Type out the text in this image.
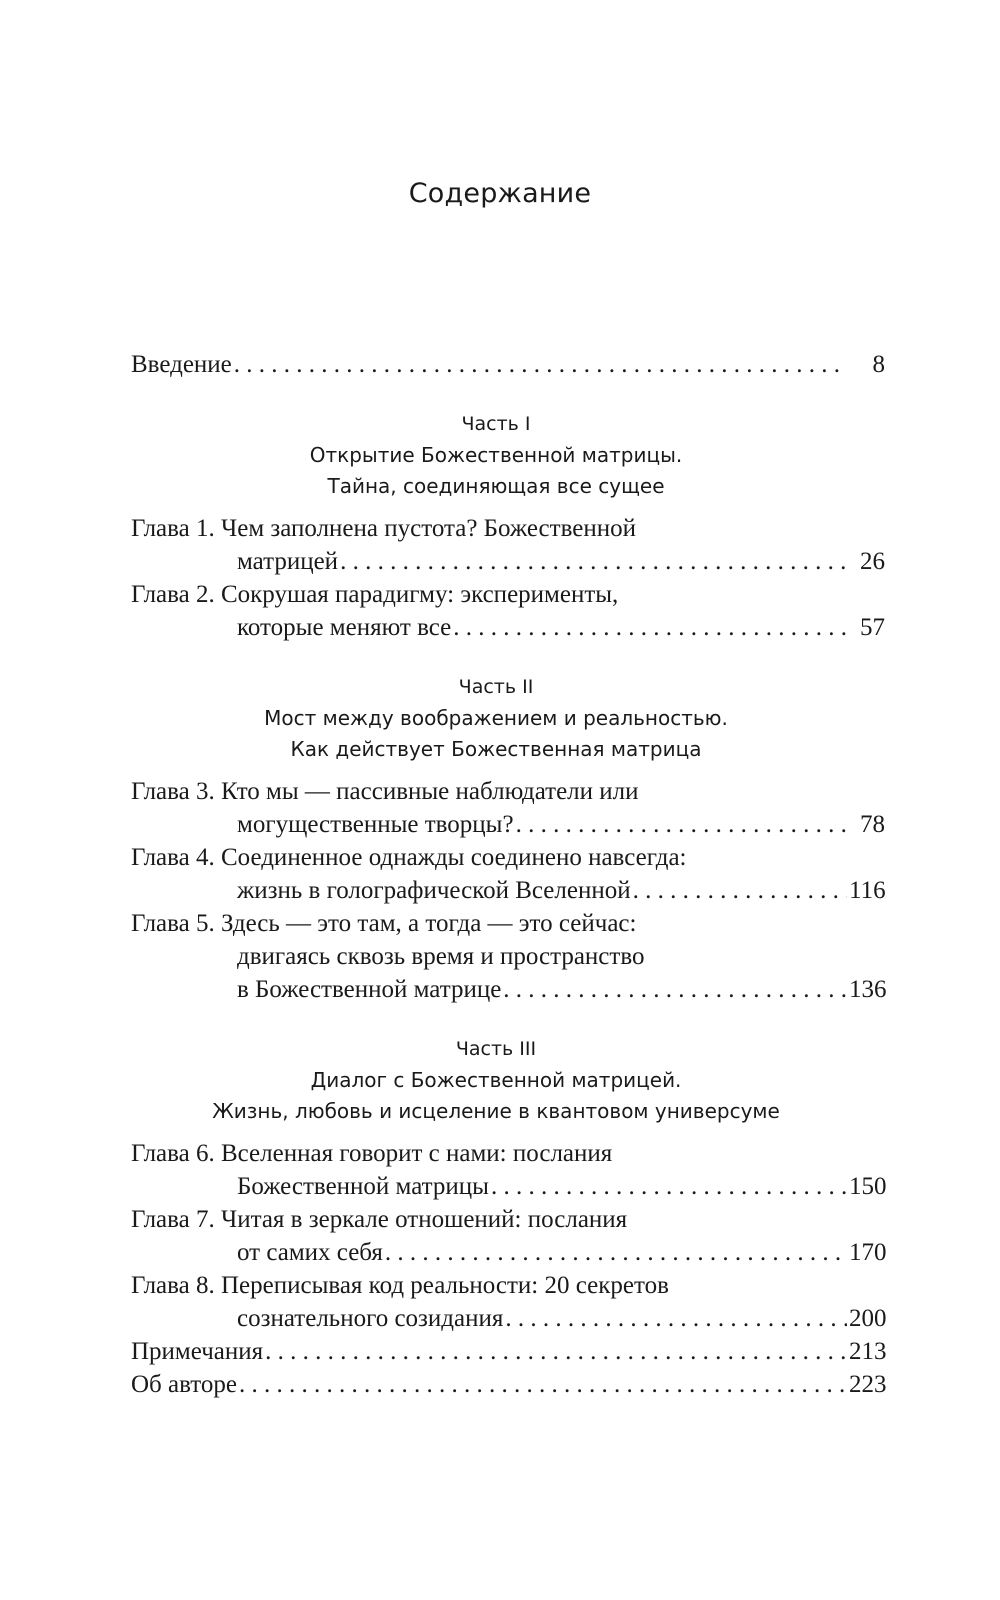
Содержание
Введение . . .	8
Часть I
Открытие Божественной матрицы.
Тайна, соединяющая все сущее
Глава 1. Чем заполнена пустота? Божественной
матрицей . . .	26
Глава 2. Сокрушая парадигму: эксперименты,
которые меняют все . . .	57
Часть II
Мост между воображением и реальностью.
Как действует Божественная матрица
Глава 3. Кто мы — пассивные наблюдатели или
могущественные творцы? . . .	78
Глава 4. Соединенное однажды соединено навсегда:
жизнь в голографической Вселенной . . .	116
Глава 5. Здесь — это там, а тогда — это сейчас:
двигаясь сквозь время и пространство
в Божественной матрице . . .	136
Часть III
Диалог с Божественной матрицей.
Жизнь, любовь и исцеление в квантовом универсуме
Глава 6. Вселенная говорит с нами: послания
Божественной матрицы . . .	150
Глава 7. Читая в зеркале отношений: послания
от самих себя . . .	170
Глава 8. Переписывая код реальности: 20 секретов
сознательного созидания . . .	200
Примечания . . .	213
Об авторе . . .	223
